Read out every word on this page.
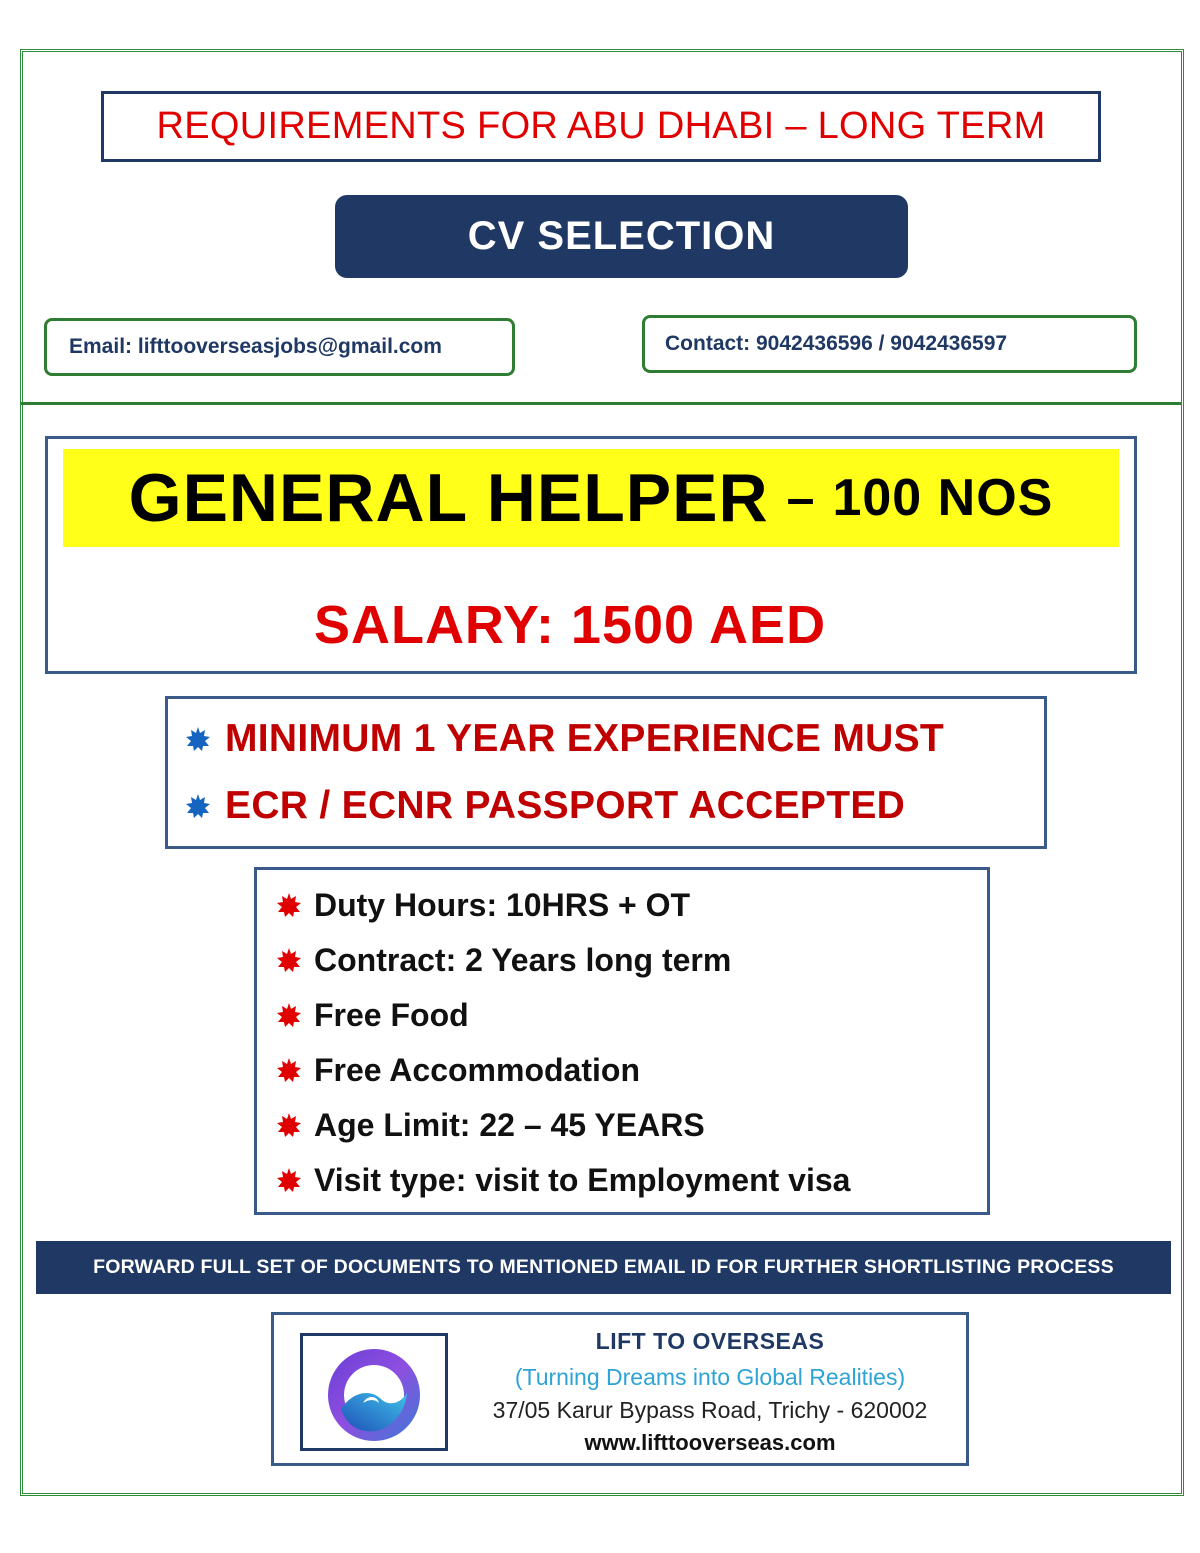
REQUIREMENTS FOR ABU DHABI – LONG TERM
CV SELECTION
Email: lifttooverseasjobs@gmail.com	Contact: 9042436596 / 9042436597
GENERAL HELPER – 100 NOS
SALARY: 1500 AED
MINIMUM 1 YEAR EXPERIENCE MUST
ECR / ECNR PASSPORT ACCEPTED
Duty Hours: 10HRS + OT
Contract: 2 Years long term
Free Food
Free Accommodation
Age Limit: 22 – 45 YEARS
Visit type: visit to Employment visa
FORWARD FULL SET OF DOCUMENTS TO MENTIONED EMAIL ID FOR FURTHER SHORTLISTING PROCESS
LIFT TO OVERSEAS
(Turning Dreams into Global Realities)
37/05 Karur Bypass Road, Trichy - 620002
www.lifttooverseas.com
